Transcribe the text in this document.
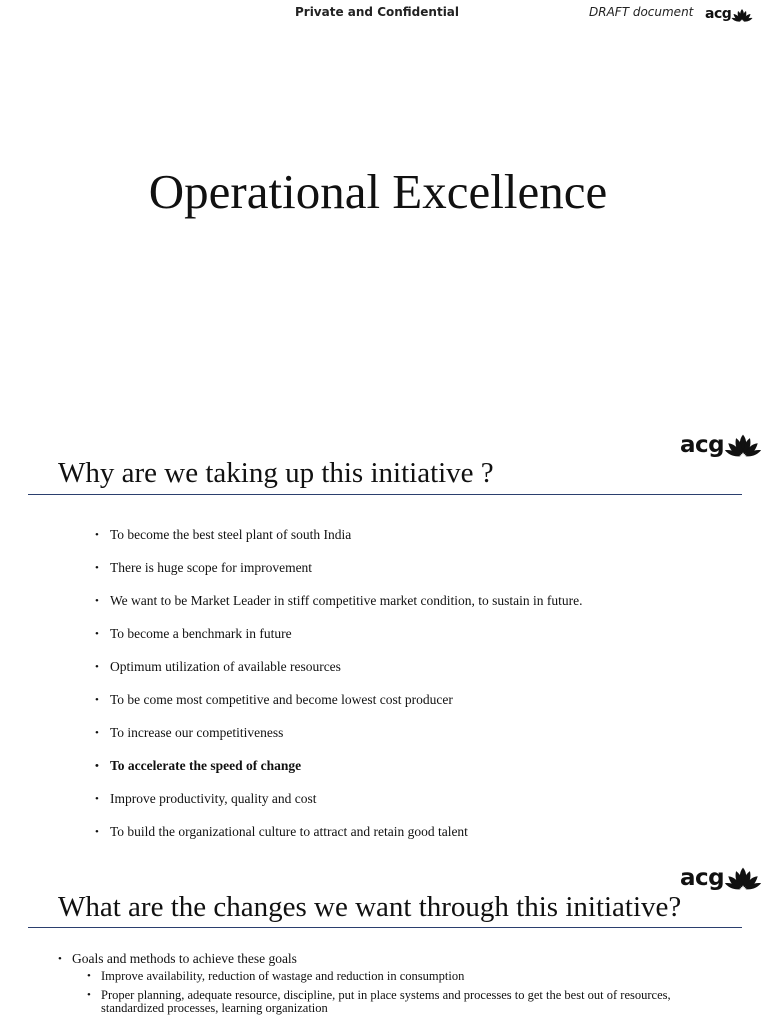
Private and Confidential	DRAFT document acg
Operational Excellence
acg
Why are we taking up this initiative ?
• To become the best steel plant of south India
• There is huge scope for improvement
• We want to be Market Leader in stiff competitive market condition, to sustain in future.
• To become a benchmark in future
• Optimum utilization of available resources
• To be come most competitive and become lowest cost producer
• To increase our competitiveness
• To accelerate the speed of change
• Improve productivity, quality and cost
• To build the organizational culture to attract and retain good talent
acg
What are the changes we want through this initiative?
• Goals and methods to achieve these goals
• Improve availability, reduction of wastage and reduction in consumption
• Proper planning, adequate resource, discipline, put in place systems and processes to get the best out of resources, standardized processes, learning organization
